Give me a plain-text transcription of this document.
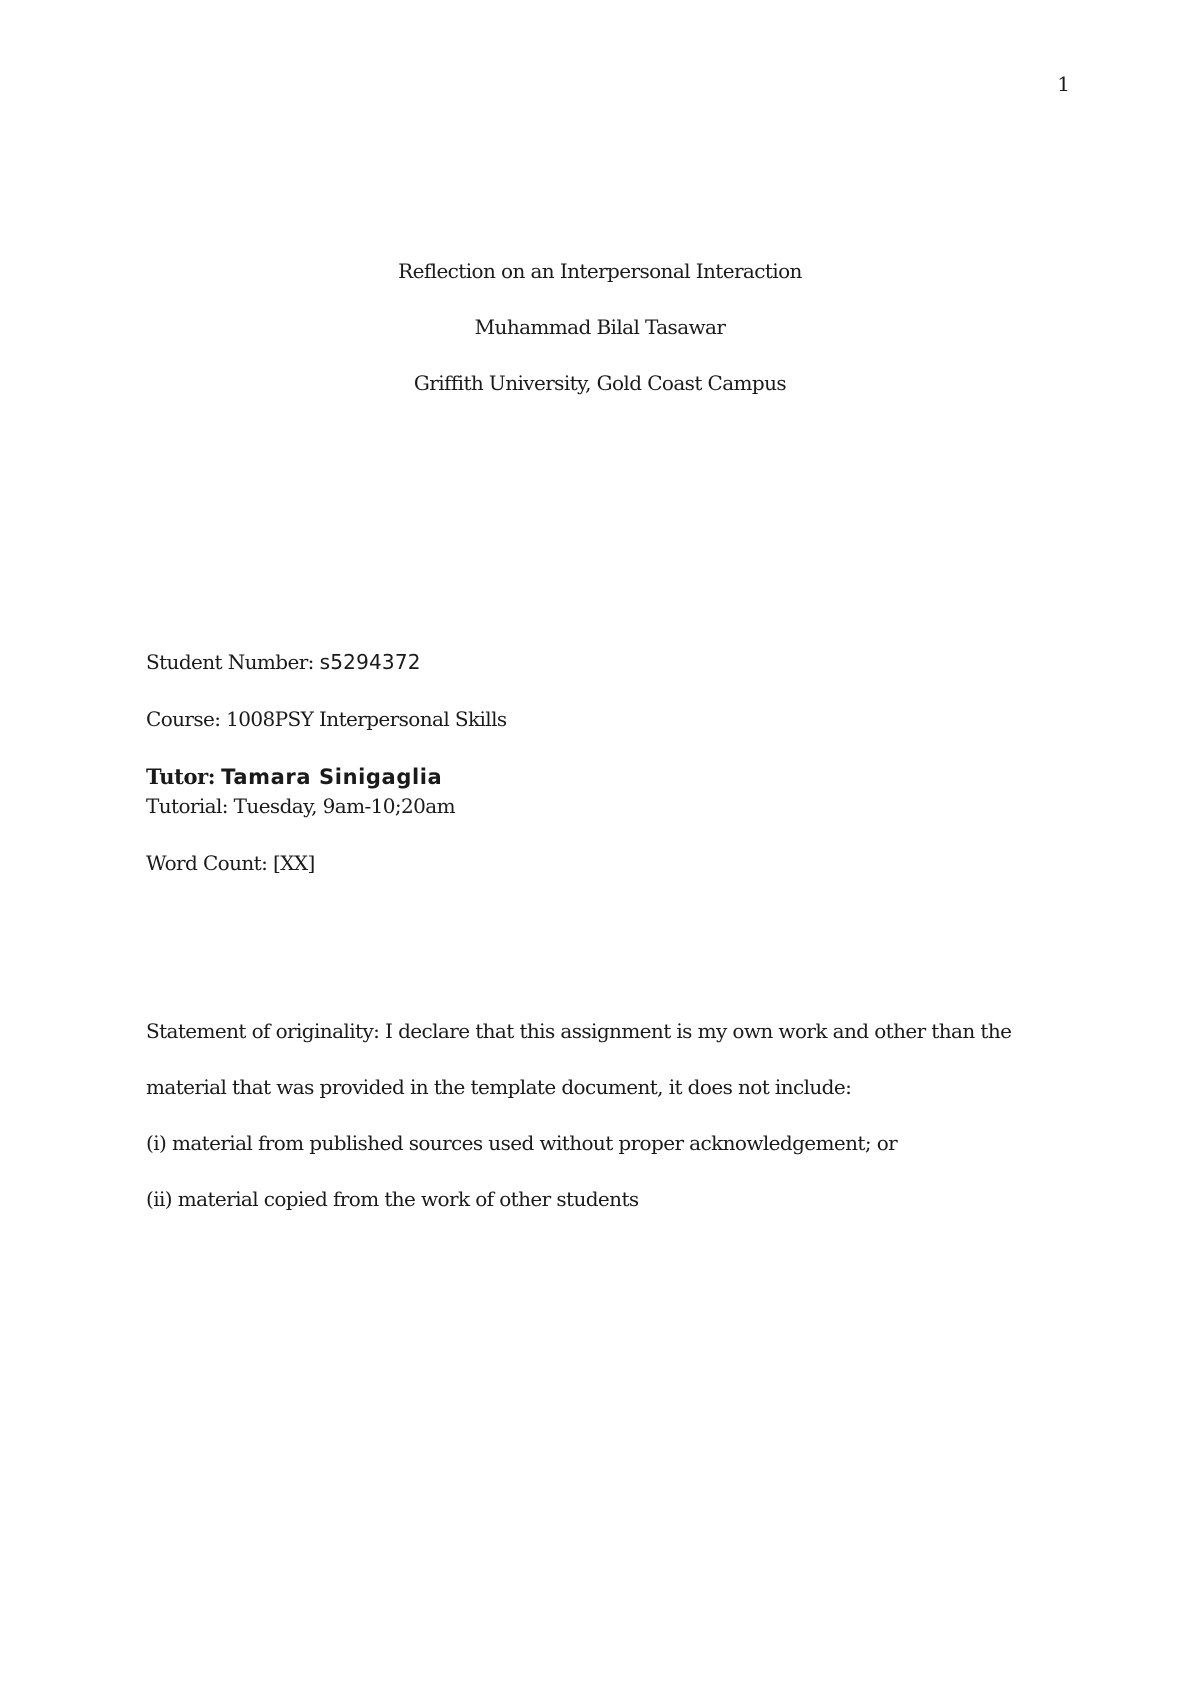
1
Reflection on an Interpersonal Interaction
Muhammad Bilal Tasawar
Griffith University, Gold Coast Campus
Student Number: s5294372
Course: 1008PSY Interpersonal Skills
Tutor: Tamara Sinigaglia
Tutorial: Tuesday, 9am-10;20am
Word Count: [XX]
Statement of originality: I declare that this assignment is my own work and other than the
material that was provided in the template document, it does not include:
(i) material from published sources used without proper acknowledgement; or
(ii) material copied from the work of other students
